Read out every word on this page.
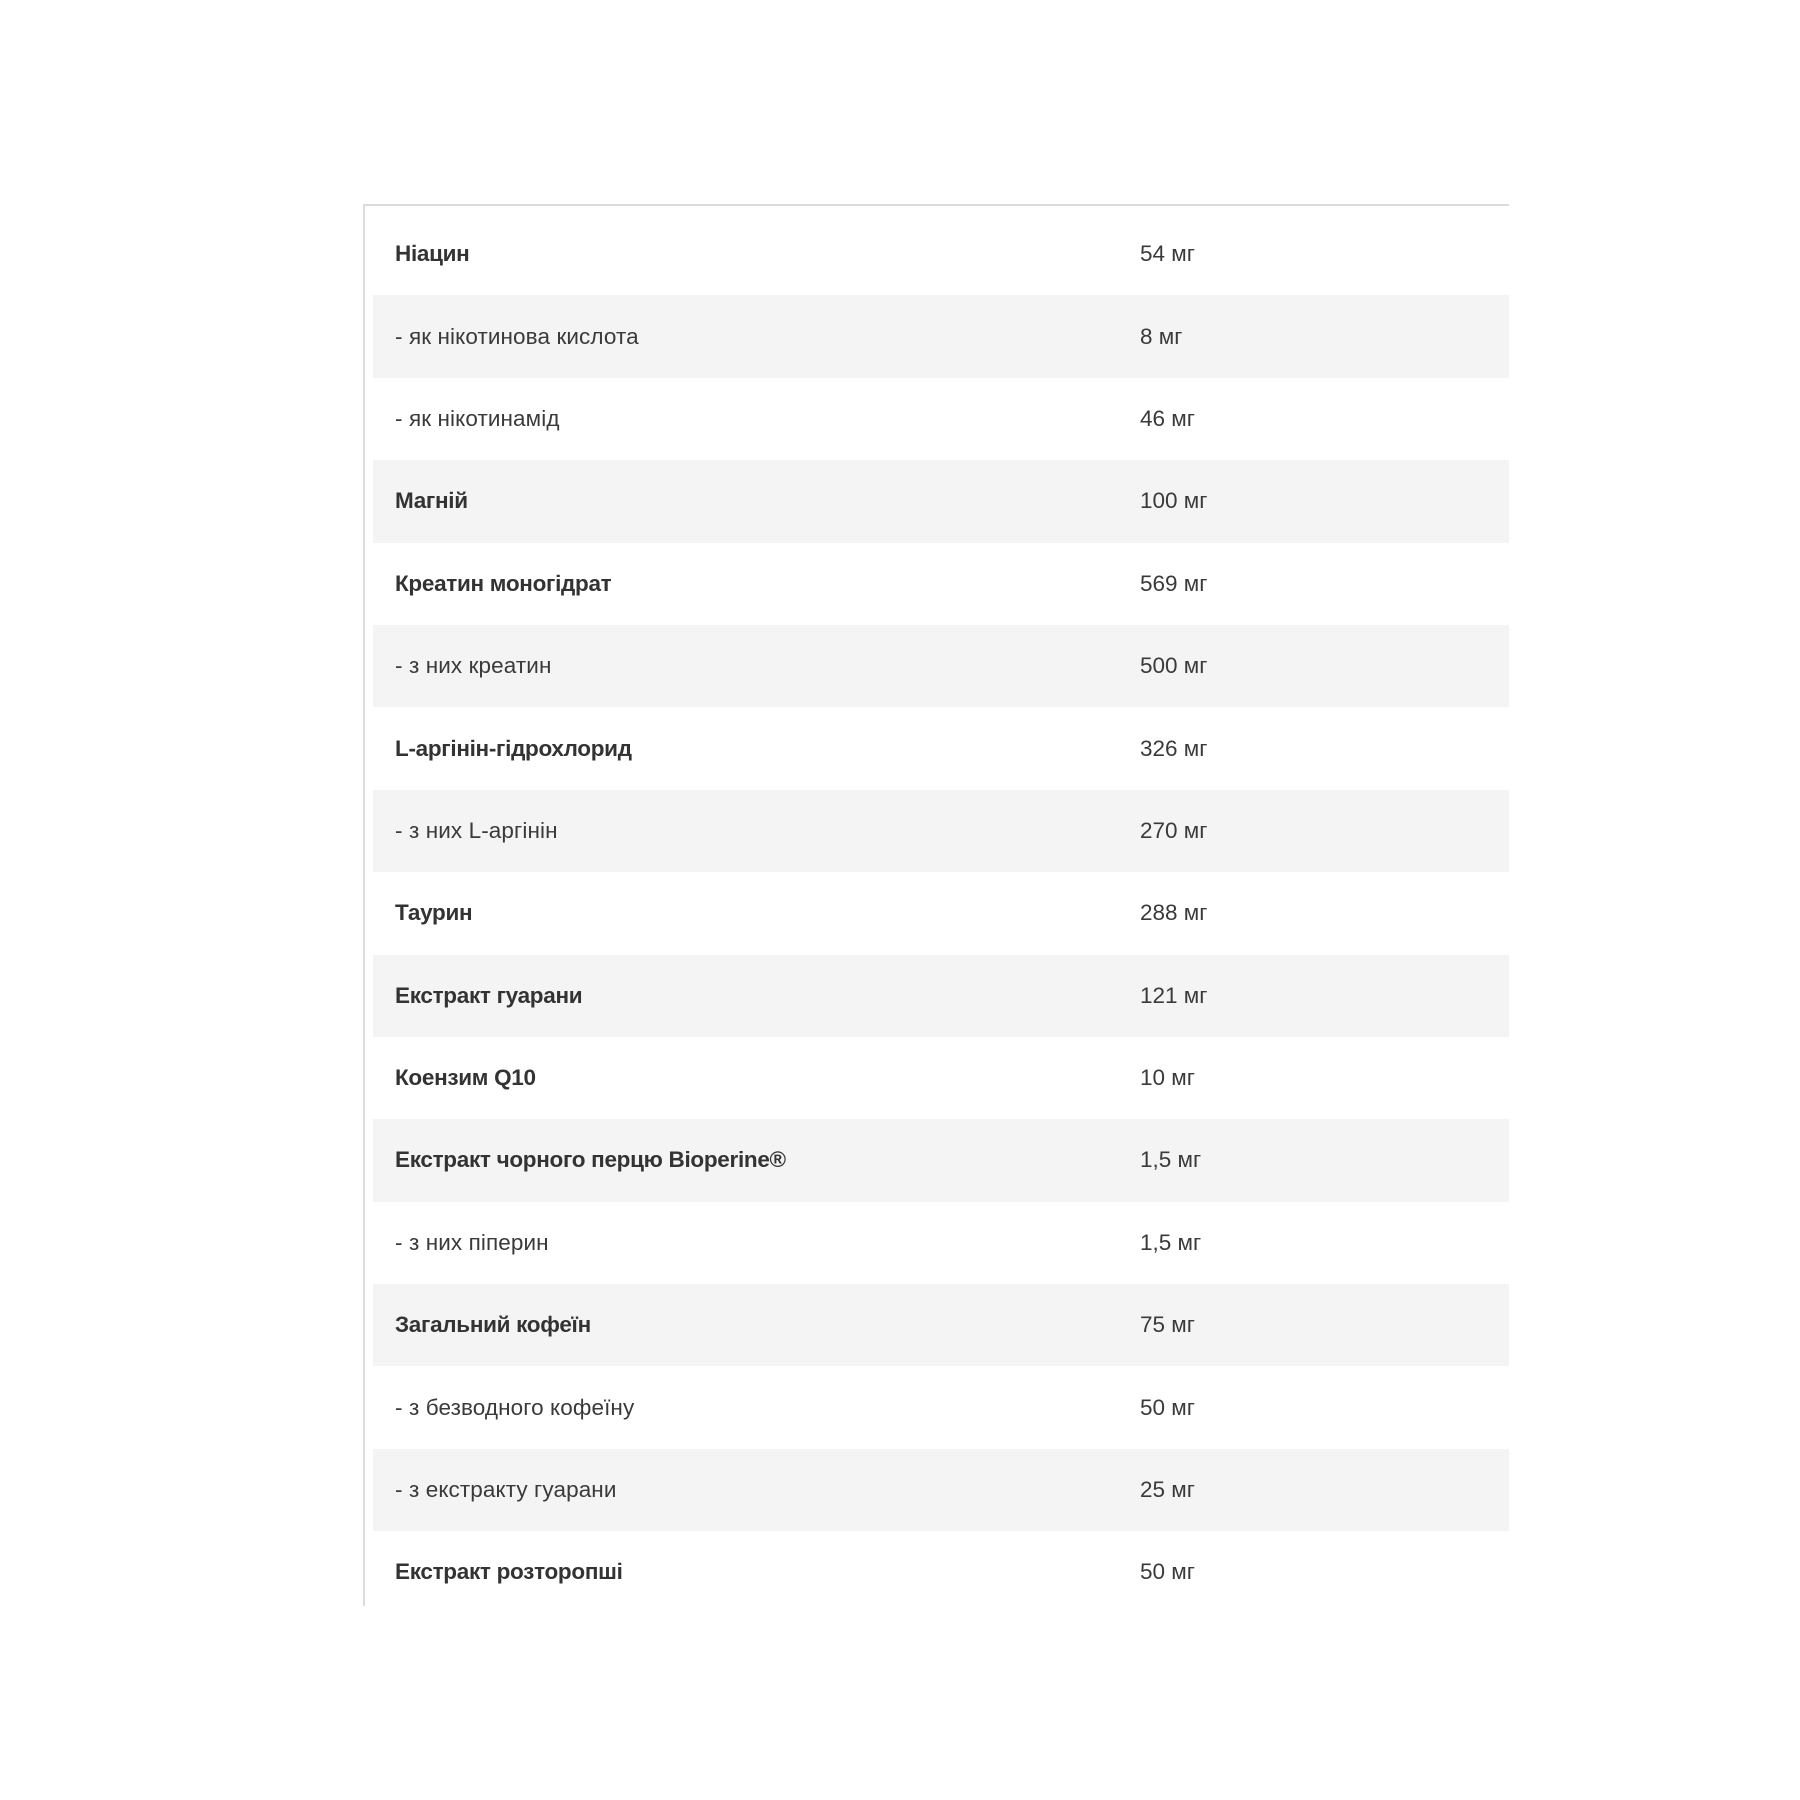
Ніацин	54 мг
- як нікотинова кислота	8 мг
- як нікотинамід	46 мг
Магній	100 мг
Креатин моногідрат	569 мг
- з них креатин	500 мг
L-аргінін-гідрохлорид	326 мг
- з них L-аргінін	270 мг
Таурин	288 мг
Екстракт гуарани	121 мг
Коензим Q10	10 мг
Екстракт чорного перцю Bioperine®	1,5 мг
- з них піперин	1,5 мг
Загальний кофеїн	75 мг
- з безводного кофеїну	50 мг
- з екстракту гуарани	25 мг
Екстракт розторопші	50 мг
